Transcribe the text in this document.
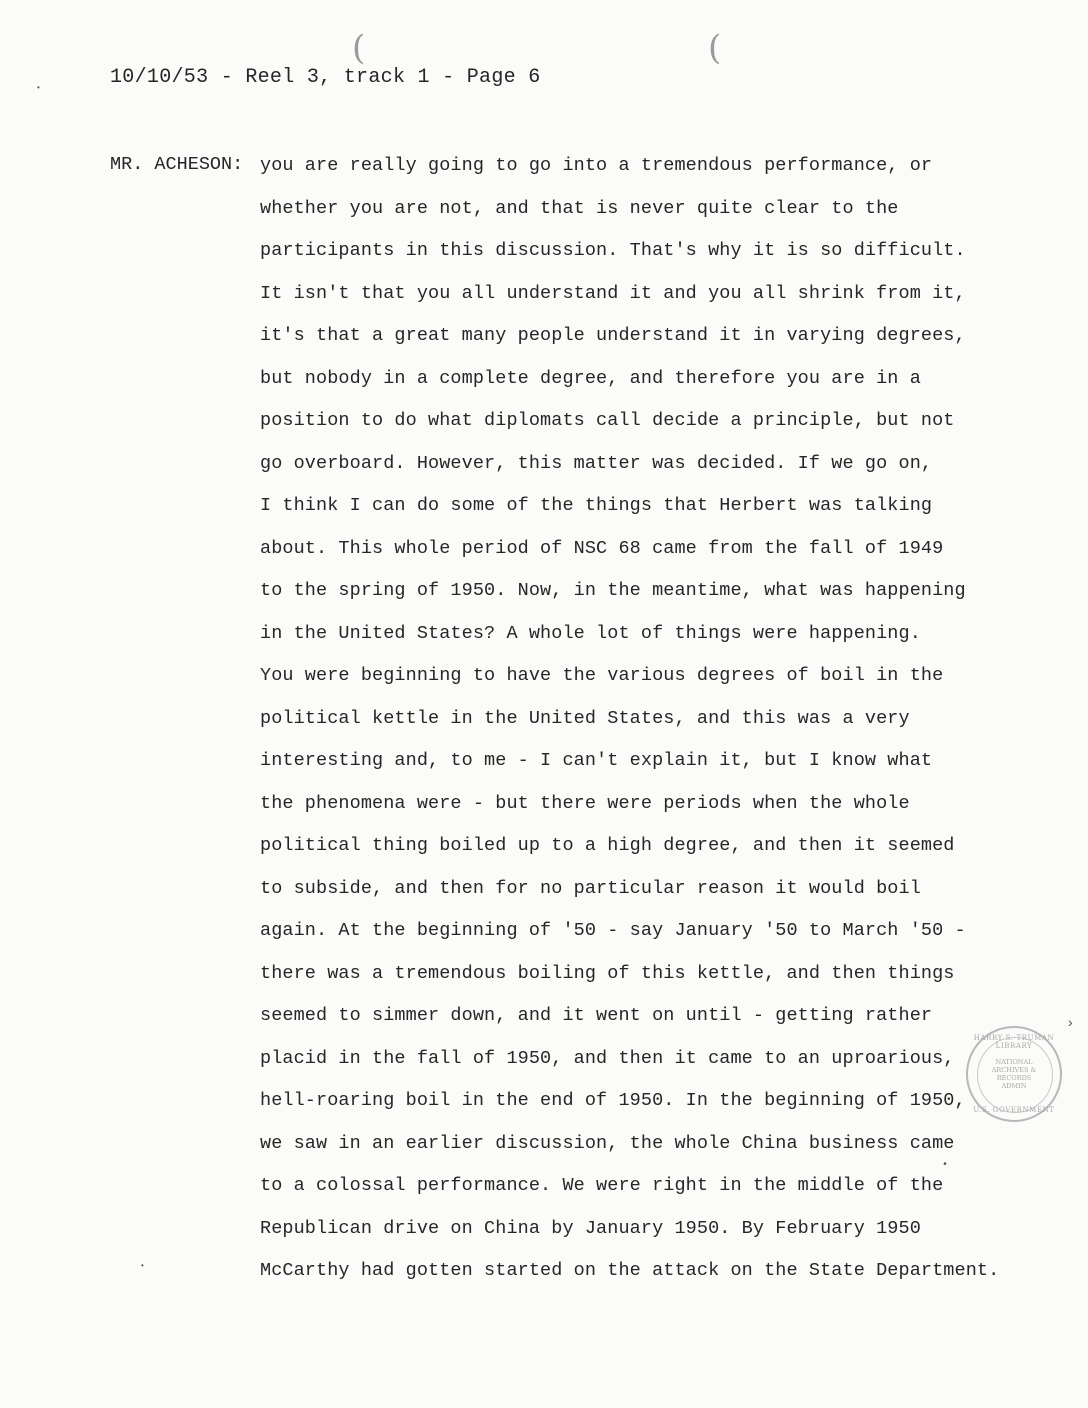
(	(
10/10/53 - Reel 3, track 1 - Page 6
MR. ACHESON: you are really going to go into a tremendous performance, or
whether you are not, and that is never quite clear to the
participants in this discussion. That's why it is so difficult.
It isn't that you all understand it and you all shrink from it,
it's that a great many people understand it in varying degrees,
but nobody in a complete degree, and therefore you are in a
position to do what diplomats call decide a principle, but not
go overboard. However, this matter was decided. If we go on,
I think I can do some of the things that Herbert was talking
about. This whole period of NSC 68 came from the fall of 1949
to the spring of 1950. Now, in the meantime, what was happening
in the United States? A whole lot of things were happening.
You were beginning to have the various degrees of boil in the
political kettle in the United States, and this was a very
interesting and, to me - I can't explain it, but I know what
the phenomena were - but there were periods when the whole
political thing boiled up to a high degree, and then it seemed
to subside, and then for no particular reason it would boil
again. At the beginning of '50 - say January '50 to March '50 -
there was a tremendous boiling of this kettle, and then things
seemed to simmer down, and it went on until - getting rather
placid in the fall of 1950, and then it came to an uproarious,
hell-roaring boil in the end of 1950. In the beginning of 1950,
we saw in an earlier discussion, the whole China business came
to a colossal performance. We were right in the middle of the
Republican drive on China by January 1950. By February 1950
McCarthy had gotten started on the attack on the State Department.
HARRY S. TRUMAN LIBRARY
NATIONAL
ARCHIVES &
RECORDS
ADMIN
U.S. GOVERNMENT
›
•
•
•
